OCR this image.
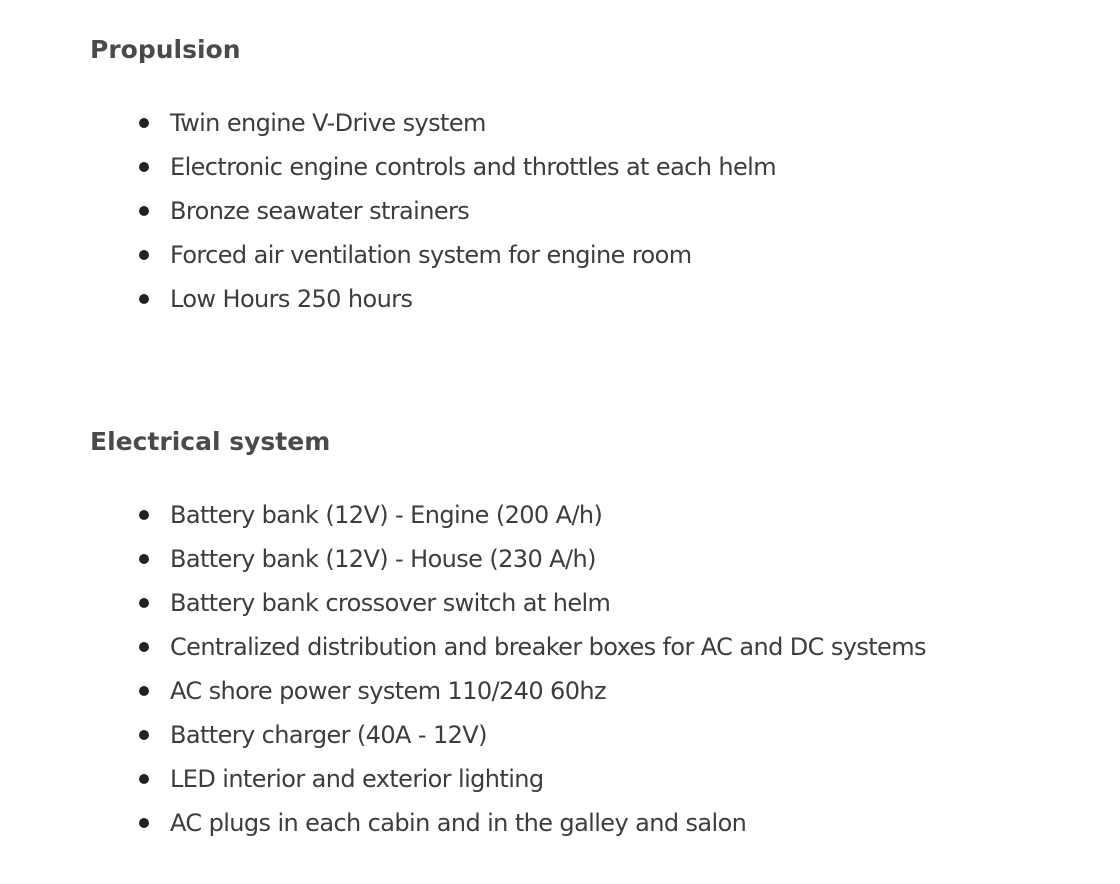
Propulsion
Twin engine V-Drive system
Electronic engine controls and throttles at each helm
Bronze seawater strainers
Forced air ventilation system for engine room
Low Hours 250 hours
Electrical system
Battery bank (12V) - Engine (200 A/h)
Battery bank (12V) - House (230 A/h)
Battery bank crossover switch at helm
Centralized distribution and breaker boxes for AC and DC systems
AC shore power system 110/240 60hz
Battery charger (40A - 12V)
LED interior and exterior lighting
AC plugs in each cabin and in the galley and salon
